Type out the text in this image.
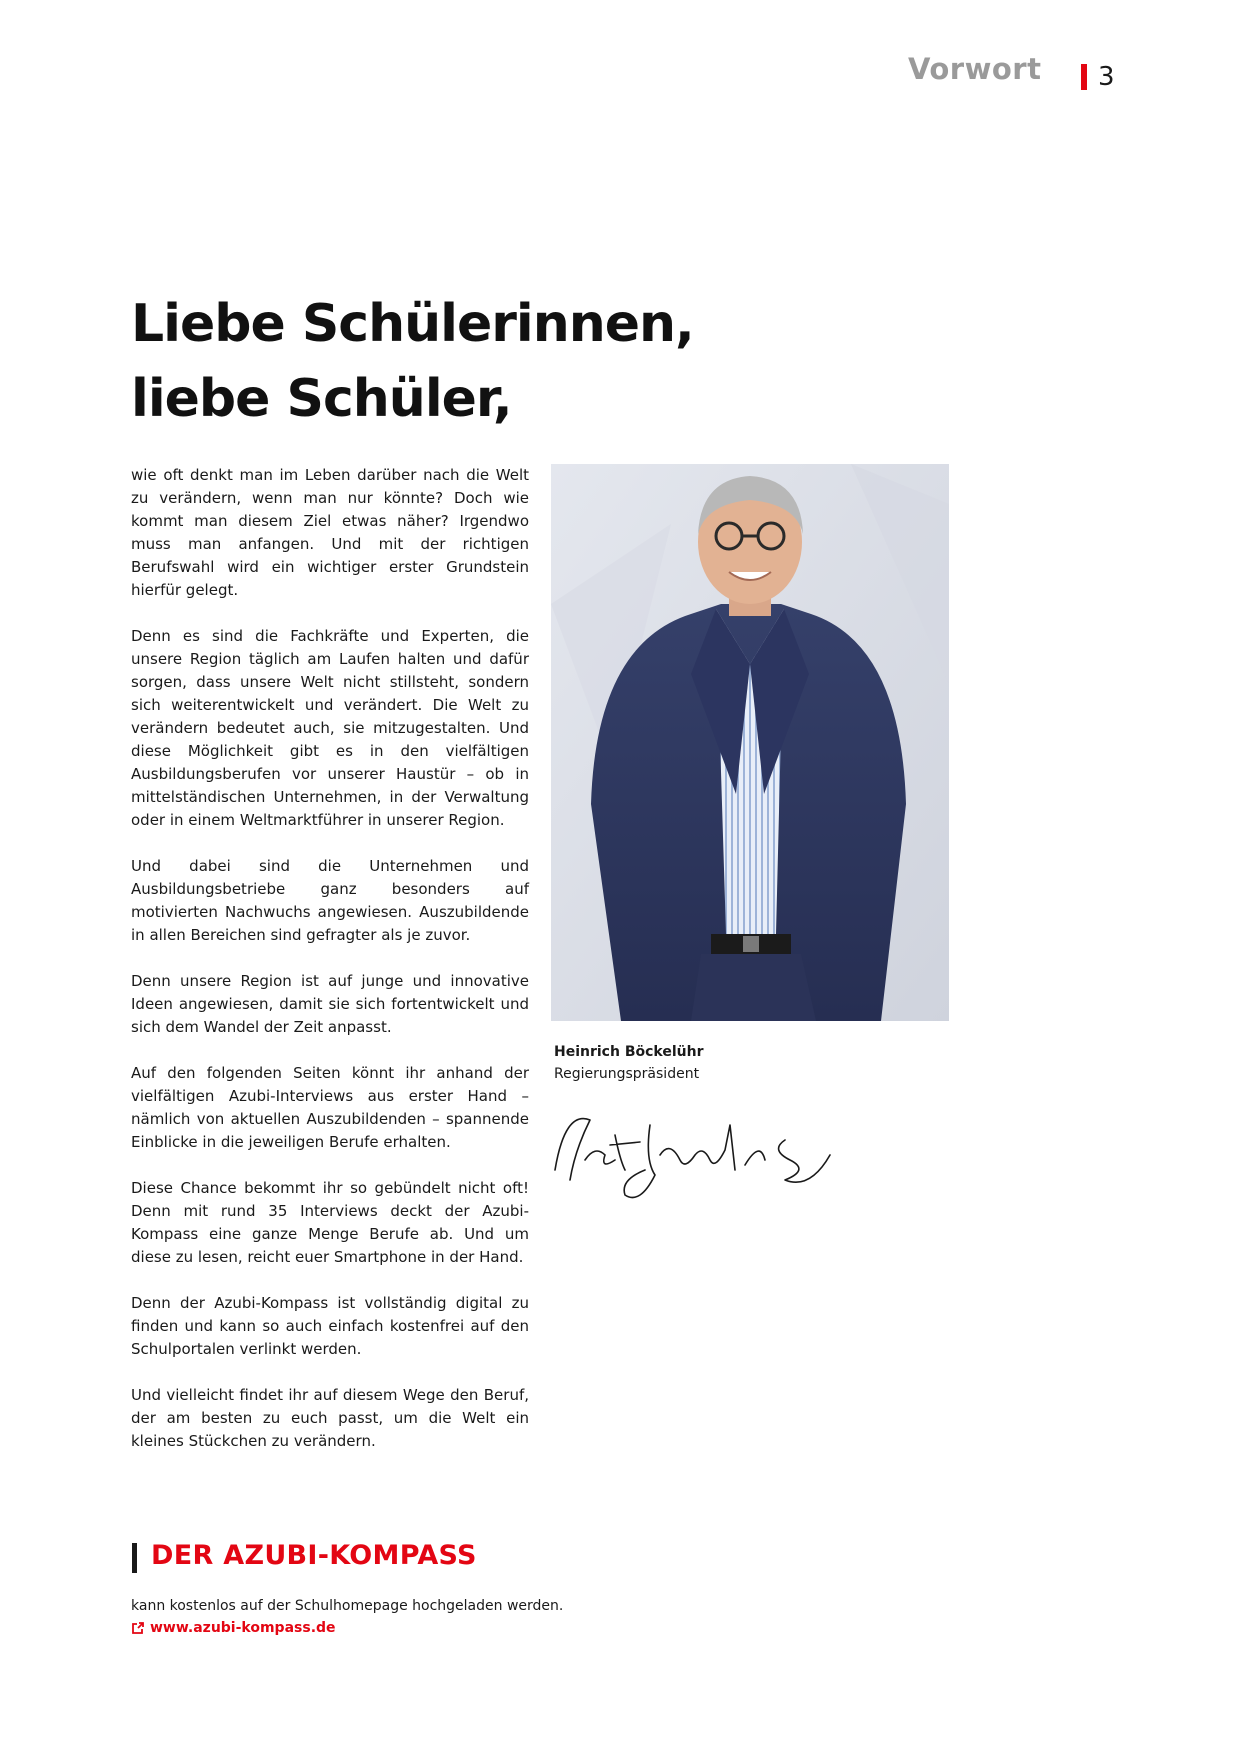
Vorwort 3
Liebe Schülerinnen,
liebe Schüler,

wie oft denkt man im Leben darüber nach die Welt zu verändern, wenn man nur könnte? Doch wie kommt man diesem Ziel etwas näher? Irgendwo muss man anfangen. Und mit der richtigen Berufswahl wird ein wichtiger erster Grundstein hierfür gelegt.

Denn es sind die Fachkräfte und Experten, die unsere Region täglich am Laufen halten und dafür sorgen, dass unsere Welt nicht stillsteht, sondern sich weiterentwickelt und verändert. Die Welt zu verändern bedeutet auch, sie mitzugestalten. Und diese Möglichkeit gibt es in den vielfältigen Ausbildungsberufen vor unserer Haustür – ob in mittelständischen Unternehmen, in der Verwaltung oder in einem Weltmarktführer in unserer Region.

Und dabei sind die Unternehmen und Ausbildungsbetriebe ganz besonders auf motivierten Nachwuchs angewiesen. Auszubildende in allen Bereichen sind gefragter als je zuvor.

Denn unsere Region ist auf junge und innovative Ideen angewiesen, damit sie sich fortentwickelt und sich dem Wandel der Zeit anpasst.

Auf den folgenden Seiten könnt ihr anhand der vielfältigen Azubi-Interviews aus erster Hand – nämlich von aktuellen Auszubildenden – spannende Einblicke in die jeweiligen Berufe erhalten.

Diese Chance bekommt ihr so gebündelt nicht oft! Denn mit rund 35 Interviews deckt der Azubi-Kompass eine ganze Menge Berufe ab. Und um diese zu lesen, reicht euer Smartphone in der Hand.

Denn der Azubi-Kompass ist vollständig digital zu finden und kann so auch einfach kostenfrei auf den Schulportalen verlinkt werden.

Und vielleicht findet ihr auf diesem Wege den Beruf, der am besten zu euch passt, um die Welt ein kleines Stückchen zu verändern.

Heinrich Böckelühr
Regierungspräsident
DER AZUBI-KOMPASS
kann kostenlos auf der Schulhomepage hochgeladen werden.
www.azubi-kompass.de
